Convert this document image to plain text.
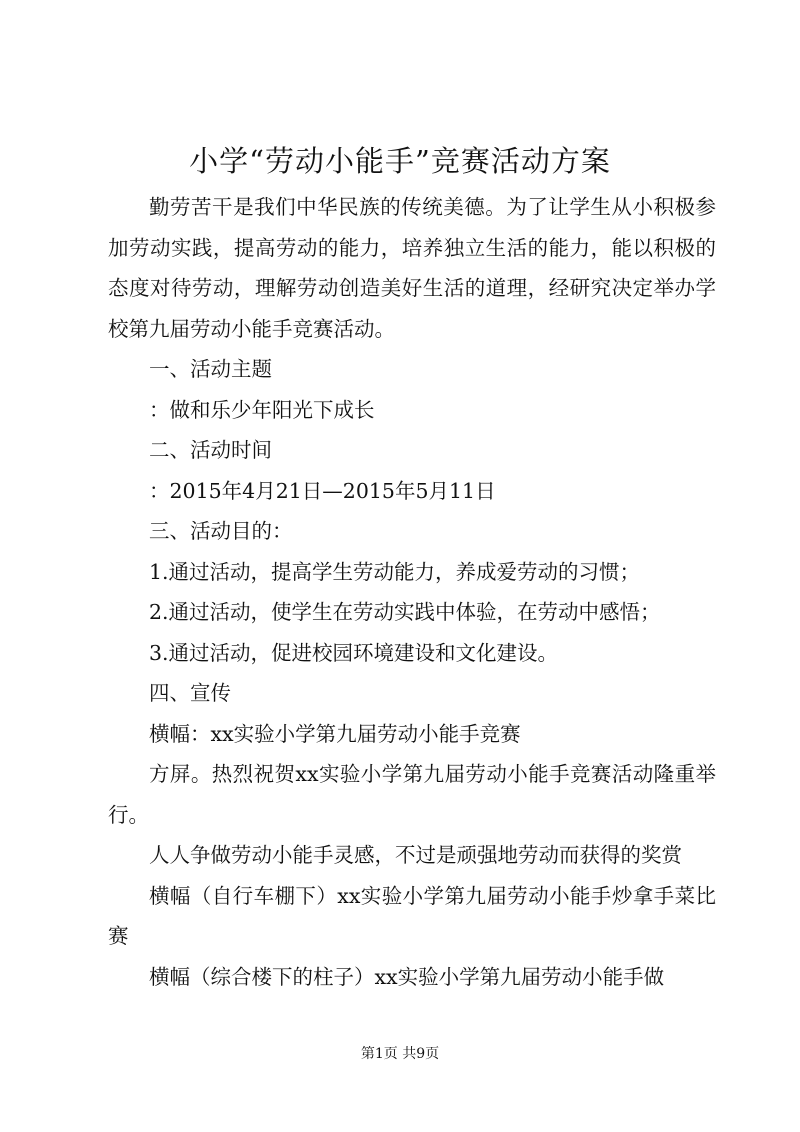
小学“劳动小能手”竞赛活动方案

勤劳苦干是我们中华民族的传统美德。为了让学生从小积极参加劳动实践，提高劳动的能力，培养独立生活的能力，能以积极的态度对待劳动，理解劳动创造美好生活的道理，经研究决定举办学校第九届劳动小能手竞赛活动。

一、活动主题

：做和乐少年阳光下成长

二、活动时间

：2015年4月21日—2015年5月11日

三、活动目的：

1.通过活动，提高学生劳动能力，养成爱劳动的习惯；

2.通过活动，使学生在劳动实践中体验，在劳动中感悟；

3.通过活动，促进校园环境建设和文化建设。

四、宣传

横幅：xx实验小学第九届劳动小能手竞赛

方屏。热烈祝贺xx实验小学第九届劳动小能手竞赛活动隆重举行。

人人争做劳动小能手灵感，不过是顽强地劳动而获得的奖赏

横幅（自行车棚下）xx实验小学第九届劳动小能手炒拿手菜比赛

横幅（综合楼下的柱子）xx实验小学第九届劳动小能手做

第1页 共9页
